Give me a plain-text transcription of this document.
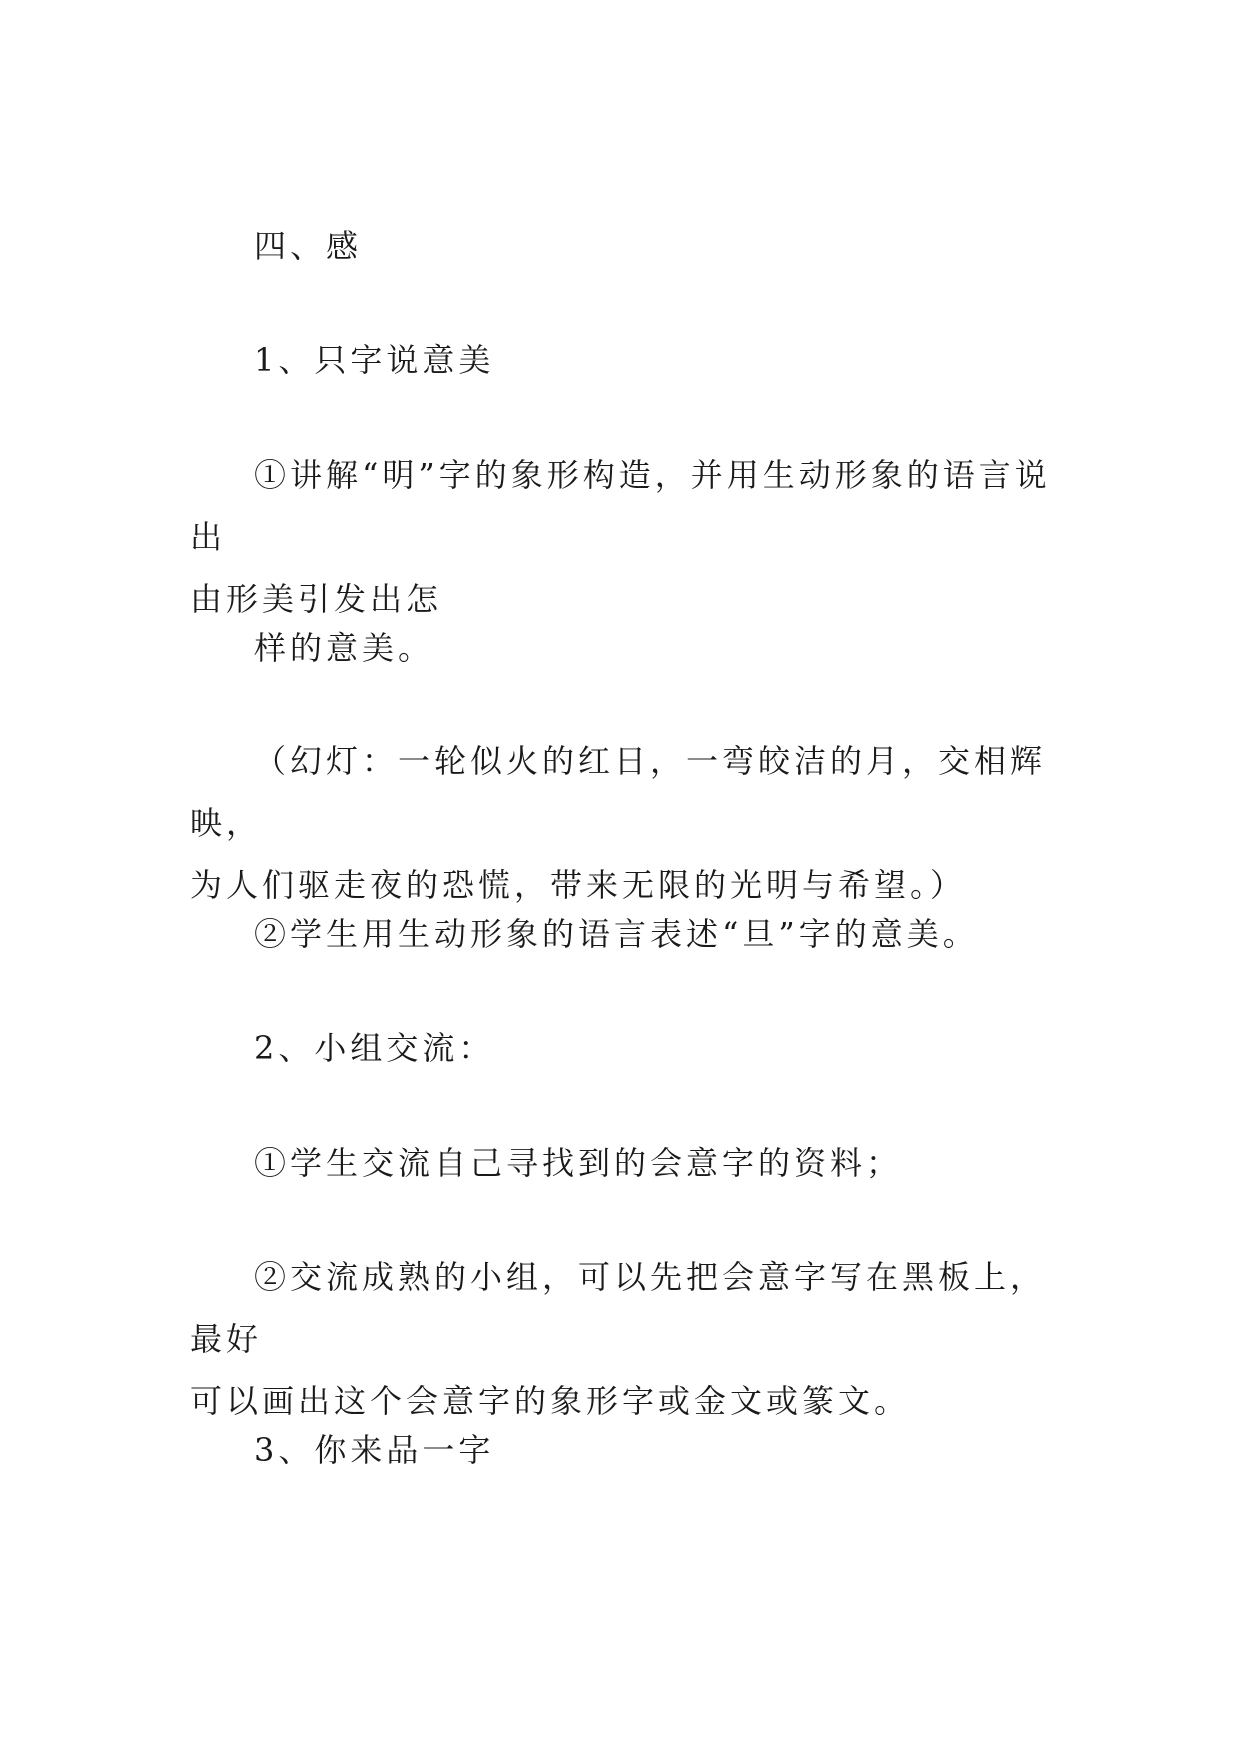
四、感

1、只字说意美

①讲解“明”字的象形构造，并用生动形象的语言说出
由形美引发出怎

样的意美。

（幻灯：一轮似火的红日，一弯皎洁的月，交相辉映，
为人们驱走夜的恐慌，带来无限的光明与希望。）

②学生用生动形象的语言表述“旦”字的意美。

2、小组交流：

①学生交流自己寻找到的会意字的资料；

②交流成熟的小组，可以先把会意字写在黑板上，最好
可以画出这个会意字的象形字或金文或篆文。

3、你来品一字
